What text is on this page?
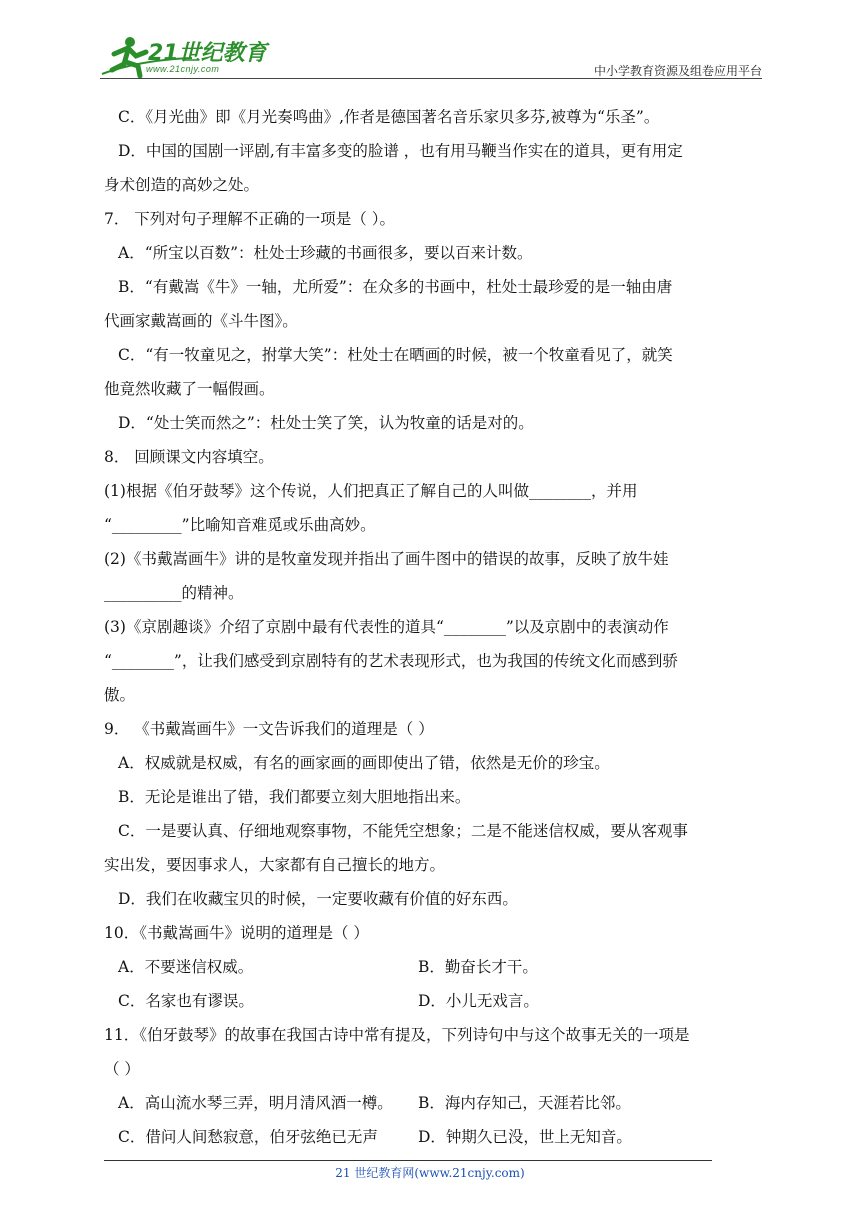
21世纪教育
www.21cnjy.com	中小学教育资源及组卷应用平台
C．《月光曲》即《月光奏鸣曲》,作者是德国著名音乐家贝多芬,被尊为“乐圣”。
D．中国的国剧一评剧,有丰富多变的脸谱 ，也有用马鞭当作实在的道具，更有用定
身术创造的高妙之处。
7． 下列对句子理解不正确的一项是（ ）。
A．“所宝以百数”：杜处士珍藏的书画很多，要以百来计数。
B．“有戴嵩《牛》一轴，尤所爱”：在众多的书画中，杜处士最珍爱的是一轴由唐
代画家戴嵩画的《斗牛图》。
C．“有一牧童见之，拊掌大笑”：杜处士在晒画的时候，被一个牧童看见了，就笑
他竟然收藏了一幅假画。
D．“处士笑而然之”：杜处士笑了笑，认为牧童的话是对的。
8． 回顾课文内容填空。
(1)根据《伯牙鼓琴》这个传说，人们把真正了解自己的人叫做________，并用
“_________”比喻知音难觅或乐曲高妙。
(2)《书戴嵩画牛》讲的是牧童发现并指出了画牛图中的错误的故事，反映了放牛娃
__________的精神。
(3)《京剧趣谈》介绍了京剧中最有代表性的道具“________”以及京剧中的表演动作
“________”，让我们感受到京剧特有的艺术表现形式，也为我国的传统文化而感到骄
傲。
9． 《书戴嵩画牛》一文告诉我们的道理是（ ）
A．权威就是权威，有名的画家画的画即使出了错，依然是无价的珍宝。
B．无论是谁出了错，我们都要立刻大胆地指出来。
C．一是要认真、仔细地观察事物，不能凭空想象；二是不能迷信权威，要从客观事
实出发，要因事求人，大家都有自己擅长的地方。
D．我们在收藏宝贝的时候，一定要收藏有价值的好东西。
10．《书戴嵩画牛》说明的道理是（ ）
A．不要迷信权威。	B．勤奋长才干。
C．名家也有谬误。	D．小儿无戏言。
11．《伯牙鼓琴》的故事在我国古诗中常有提及，下列诗句中与这个故事无关的一项是
（ ）
A．高山流水琴三弄，明月清风酒一樽。	B．海内存知己，天涯若比邻。
C．借问人间愁寂意，伯牙弦绝已无声	D．钟期久已没，世上无知音。
21 世纪教育网(www.21cnjy.com)
